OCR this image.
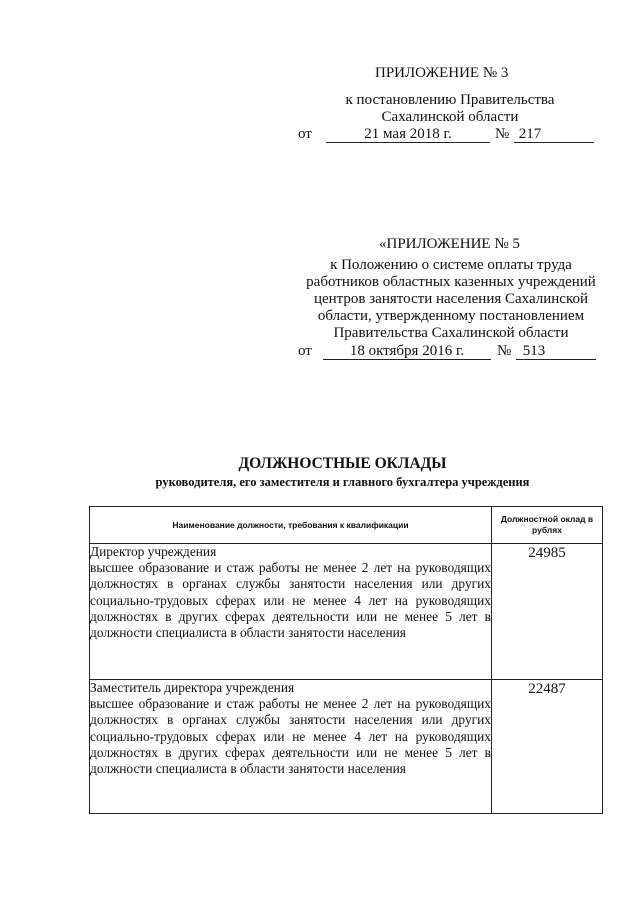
ПРИЛОЖЕНИЕ № 3
к постановлению Правительства
Сахалинской области
от	21 мая 2018 г.	№ 217
«ПРИЛОЖЕНИЕ № 5
к Положению о системе оплаты труда
работников областных казенных учреждений
центров занятости населения Сахалинской
области, утвержденному постановлением
Правительства Сахалинской области
от	18 октября 2016 г.	№ 513
ДОЛЖНОСТНЫЕ ОКЛАДЫ
руководителя, его заместителя и главного бухгалтера учреждения
Наименование должности, требования к квалификации	Должностной оклад в рублях

Директор учреждения
высшее образование и стаж работы не менее 2 лет на руководящих должностях в органах службы занятости населения или других социально-трудовых сферах или не менее 4 лет на руководящих должностях в других сферах деятельности или не менее 5 лет в должности специалиста в области занятости населения	24985

Заместитель директора учреждения
высшее образование и стаж работы не менее 2 лет на руководящих должностях в органах службы занятости населения или других социально-трудовых сферах или не менее 4 лет на руководящих должностях в других сферах деятельности или не менее 5 лет в должности специалиста в области занятости населения	22487
